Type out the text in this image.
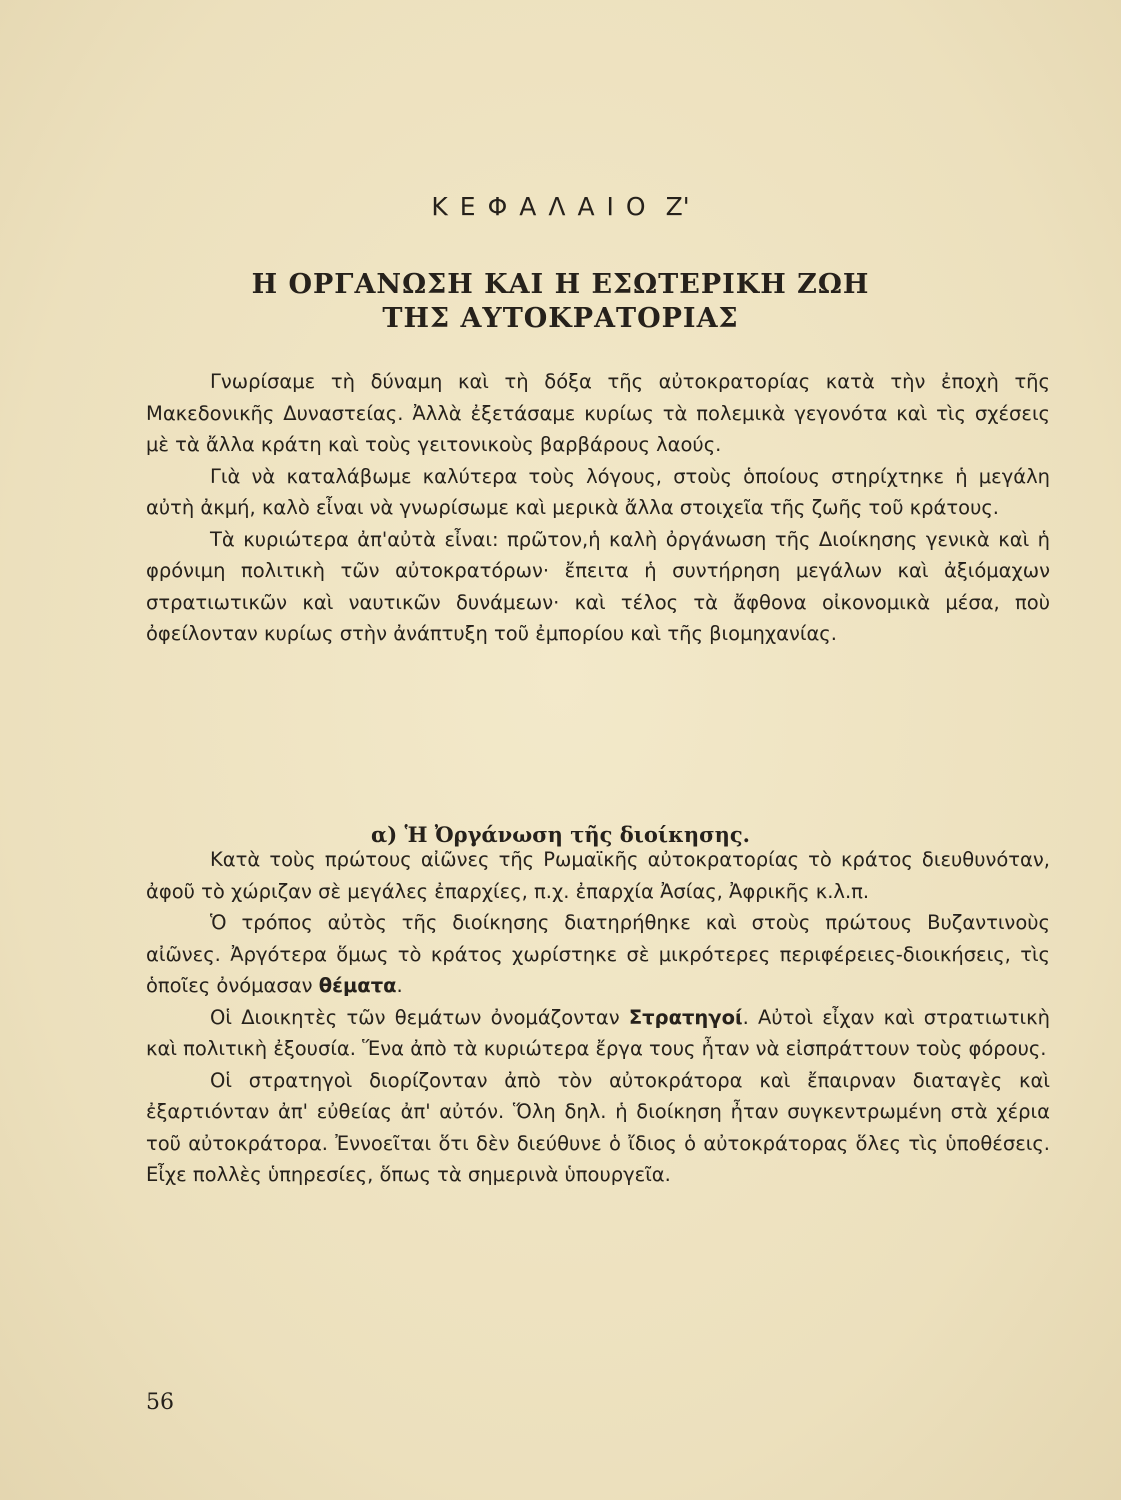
ΚΕΦΑΛΑΙΟ Ζ'
Η ΟΡΓΑΝΩΣΗ ΚΑΙ Η ΕΣΩΤΕΡΙΚΗ ΖΩΗ
ΤΗΣ ΑΥΤΟΚΡΑΤΟΡΙΑΣ

Γνωρίσαμε τὴ δύναμη καὶ τὴ δόξα τῆς αὐτοκρατορίας κατὰ τὴν ἐποχὴ τῆς Μακεδονικῆς Δυναστείας. Ἀλλὰ ἐξετάσαμε κυρίως τὰ πολεμικὰ γεγονότα καὶ τὶς σχέσεις μὲ τὰ ἄλλα κράτη καὶ τοὺς γειτονικοὺς βαρβάρους λαούς.

Γιὰ νὰ καταλάβωμε καλύτερα τοὺς λόγους, στοὺς ὁποίους στηρίχτηκε ἡ μεγάλη αὐτὴ ἀκμή, καλὸ εἶναι νὰ γνωρίσωμε καὶ μερικὰ ἄλλα στοιχεῖα τῆς ζωῆς τοῦ κράτους.

Τὰ κυριώτερα ἀπ'αὐτὰ εἶναι: πρῶτον,ἡ καλὴ ὀργάνωση τῆς Διοίκησης γενικὰ καὶ ἡ φρόνιμη πολιτικὴ τῶν αὐτοκρατόρων· ἔπειτα ἡ συντήρηση μεγάλων καὶ ἀξιόμαχων στρατιωτικῶν καὶ ναυτικῶν δυνάμεων· καὶ τέλος τὰ ἄφθονα οἰκονομικὰ μέσα, ποὺ ὀφείλονταν κυρίως στὴν ἀνάπτυξη τοῦ ἐμπορίου καὶ τῆς βιομηχανίας.

α) Ἡ Ὀργάνωση τῆς διοίκησης.

Κατὰ τοὺς πρώτους αἰῶνες τῆς Ρωμαϊκῆς αὐτοκρατορίας τὸ κράτος διευθυνόταν, ἀφοῦ τὸ χώριζαν σὲ μεγάλες ἐπαρχίες, π.χ. ἐπαρχία Ἀσίας, Ἀφρικῆς κ.λ.π.

Ὁ τρόπος αὐτὸς τῆς διοίκησης διατηρήθηκε καὶ στοὺς πρώτους Βυζαντινοὺς αἰῶνες. Ἀργότερα ὅμως τὸ κράτος χωρίστηκε σὲ μικρότερες περιφέρειες-διοικήσεις, τὶς ὁποῖες ὀνόμασαν θέματα.

Οἱ Διοικητὲς τῶν θεμάτων ὀνομάζονταν Στρατηγοί. Αὐτοὶ εἶχαν καὶ στρατιωτικὴ καὶ πολιτικὴ ἐξουσία. Ἕνα ἀπὸ τὰ κυριώτερα ἔργα τους ἦταν νὰ εἰσπράττουν τοὺς φόρους.

Οἱ στρατηγοὶ διορίζονταν ἀπὸ τὸν αὐτοκράτορα καὶ ἔπαιρναν διαταγὲς καὶ ἐξαρτιόνταν ἀπ' εὐθείας ἀπ' αὐτόν. Ὅλη δηλ. ἡ διοίκηση ἦταν συγκεντρωμένη στὰ χέρια τοῦ αὐτοκράτορα. Ἐννοεῖται ὅτι δὲν διεύθυνε ὁ ἴδιος ὁ αὐτοκράτορας ὅλες τὶς ὑποθέσεις. Εἶχε πολλὲς ὑπηρεσίες, ὅπως τὰ σημερινὰ ὑπουργεῖα.

56
